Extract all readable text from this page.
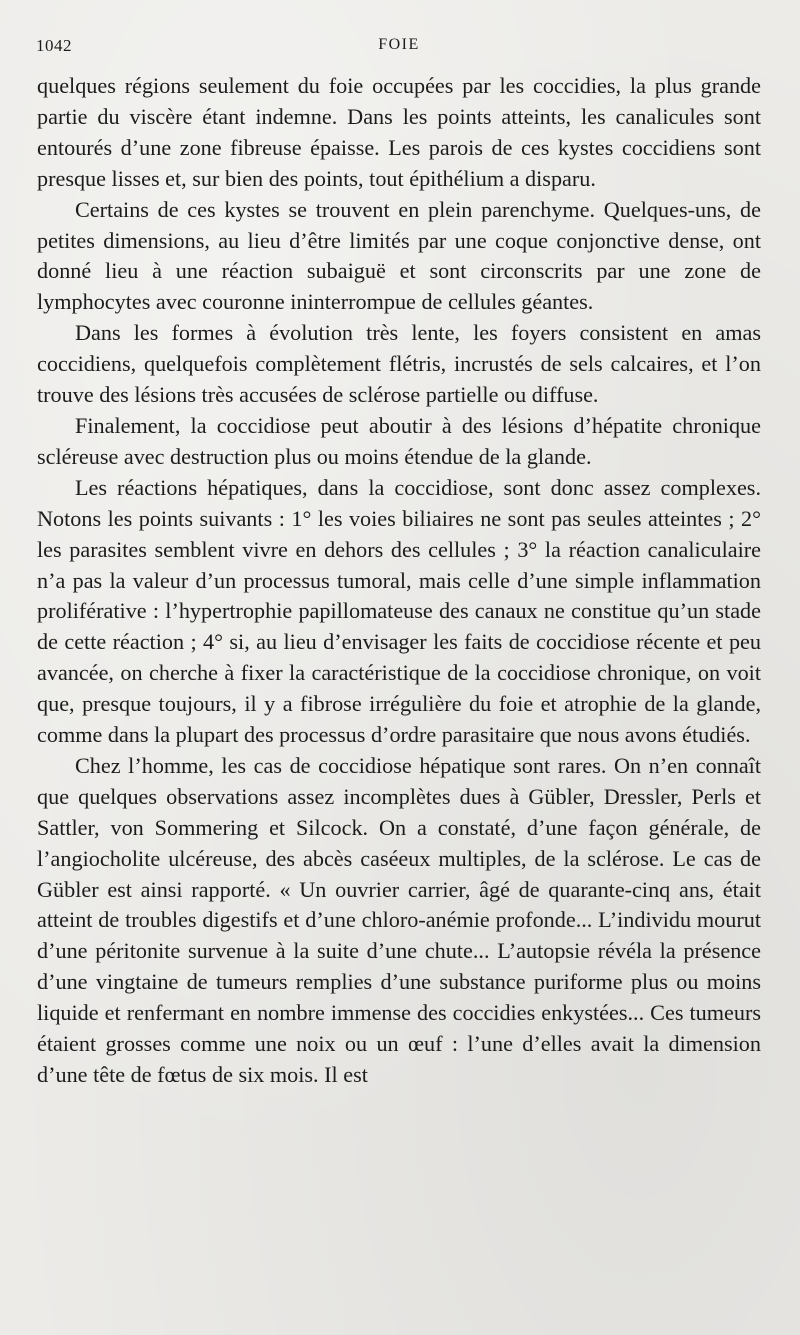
1042	FOIE

quelques régions seulement du foie occupées par les coccidies, la plus grande partie du viscère étant indemne. Dans les points atteints, les canalicules sont entourés d’une zone fibreuse épaisse. Les parois de ces kystes coccidiens sont presque lisses et, sur bien des points, tout épithélium a disparu.

Certains de ces kystes se trouvent en plein parenchyme. Quelques-uns, de petites dimensions, au lieu d’être limités par une coque conjonctive dense, ont donné lieu à une réaction subaiguë et sont circonscrits par une zone de lymphocytes avec couronne ininterrompue de cellules géantes.

Dans les formes à évolution très lente, les foyers consistent en amas coccidiens, quelquefois complètement flétris, incrustés de sels calcaires, et l’on trouve des lésions très accusées de sclérose partielle ou diffuse.

Finalement, la coccidiose peut aboutir à des lésions d’hépatite chronique scléreuse avec destruction plus ou moins étendue de la glande.

Les réactions hépatiques, dans la coccidiose, sont donc assez complexes. Notons les points suivants : 1° les voies biliaires ne sont pas seules atteintes ; 2° les parasites semblent vivre en dehors des cellules ; 3° la réaction canaliculaire n’a pas la valeur d’un processus tumoral, mais celle d’une simple inflammation proliférative : l’hypertrophie papillomateuse des canaux ne constitue qu’un stade de cette réaction ; 4° si, au lieu d’envisager les faits de coccidiose récente et peu avancée, on cherche à fixer la caractéristique de la coccidiose chronique, on voit que, presque toujours, il y a fibrose irrégulière du foie et atrophie de la glande, comme dans la plupart des processus d’ordre parasitaire que nous avons étudiés.

Chez l’homme, les cas de coccidiose hépatique sont rares. On n’en connaît que quelques observations assez incomplètes dues à Gübler, Dressler, Perls et Sattler, von Sommering et Silcock. On a constaté, d’une façon générale, de l’angiocholite ulcéreuse, des abcès caséeux multiples, de la sclérose. Le cas de Gübler est ainsi rapporté. « Un ouvrier carrier, âgé de quarante-cinq ans, était atteint de troubles digestifs et d’une chloro-anémie profonde... L’individu mourut d’une péritonite survenue à la suite d’une chute... L’autopsie révéla la présence d’une vingtaine de tumeurs remplies d’une substance puriforme plus ou moins liquide et renfermant en nombre immense des coccidies enkystées... Ces tumeurs étaient grosses comme une noix ou un œuf : l’une d’elles avait la dimension d’une tête de fœtus de six mois. Il est
